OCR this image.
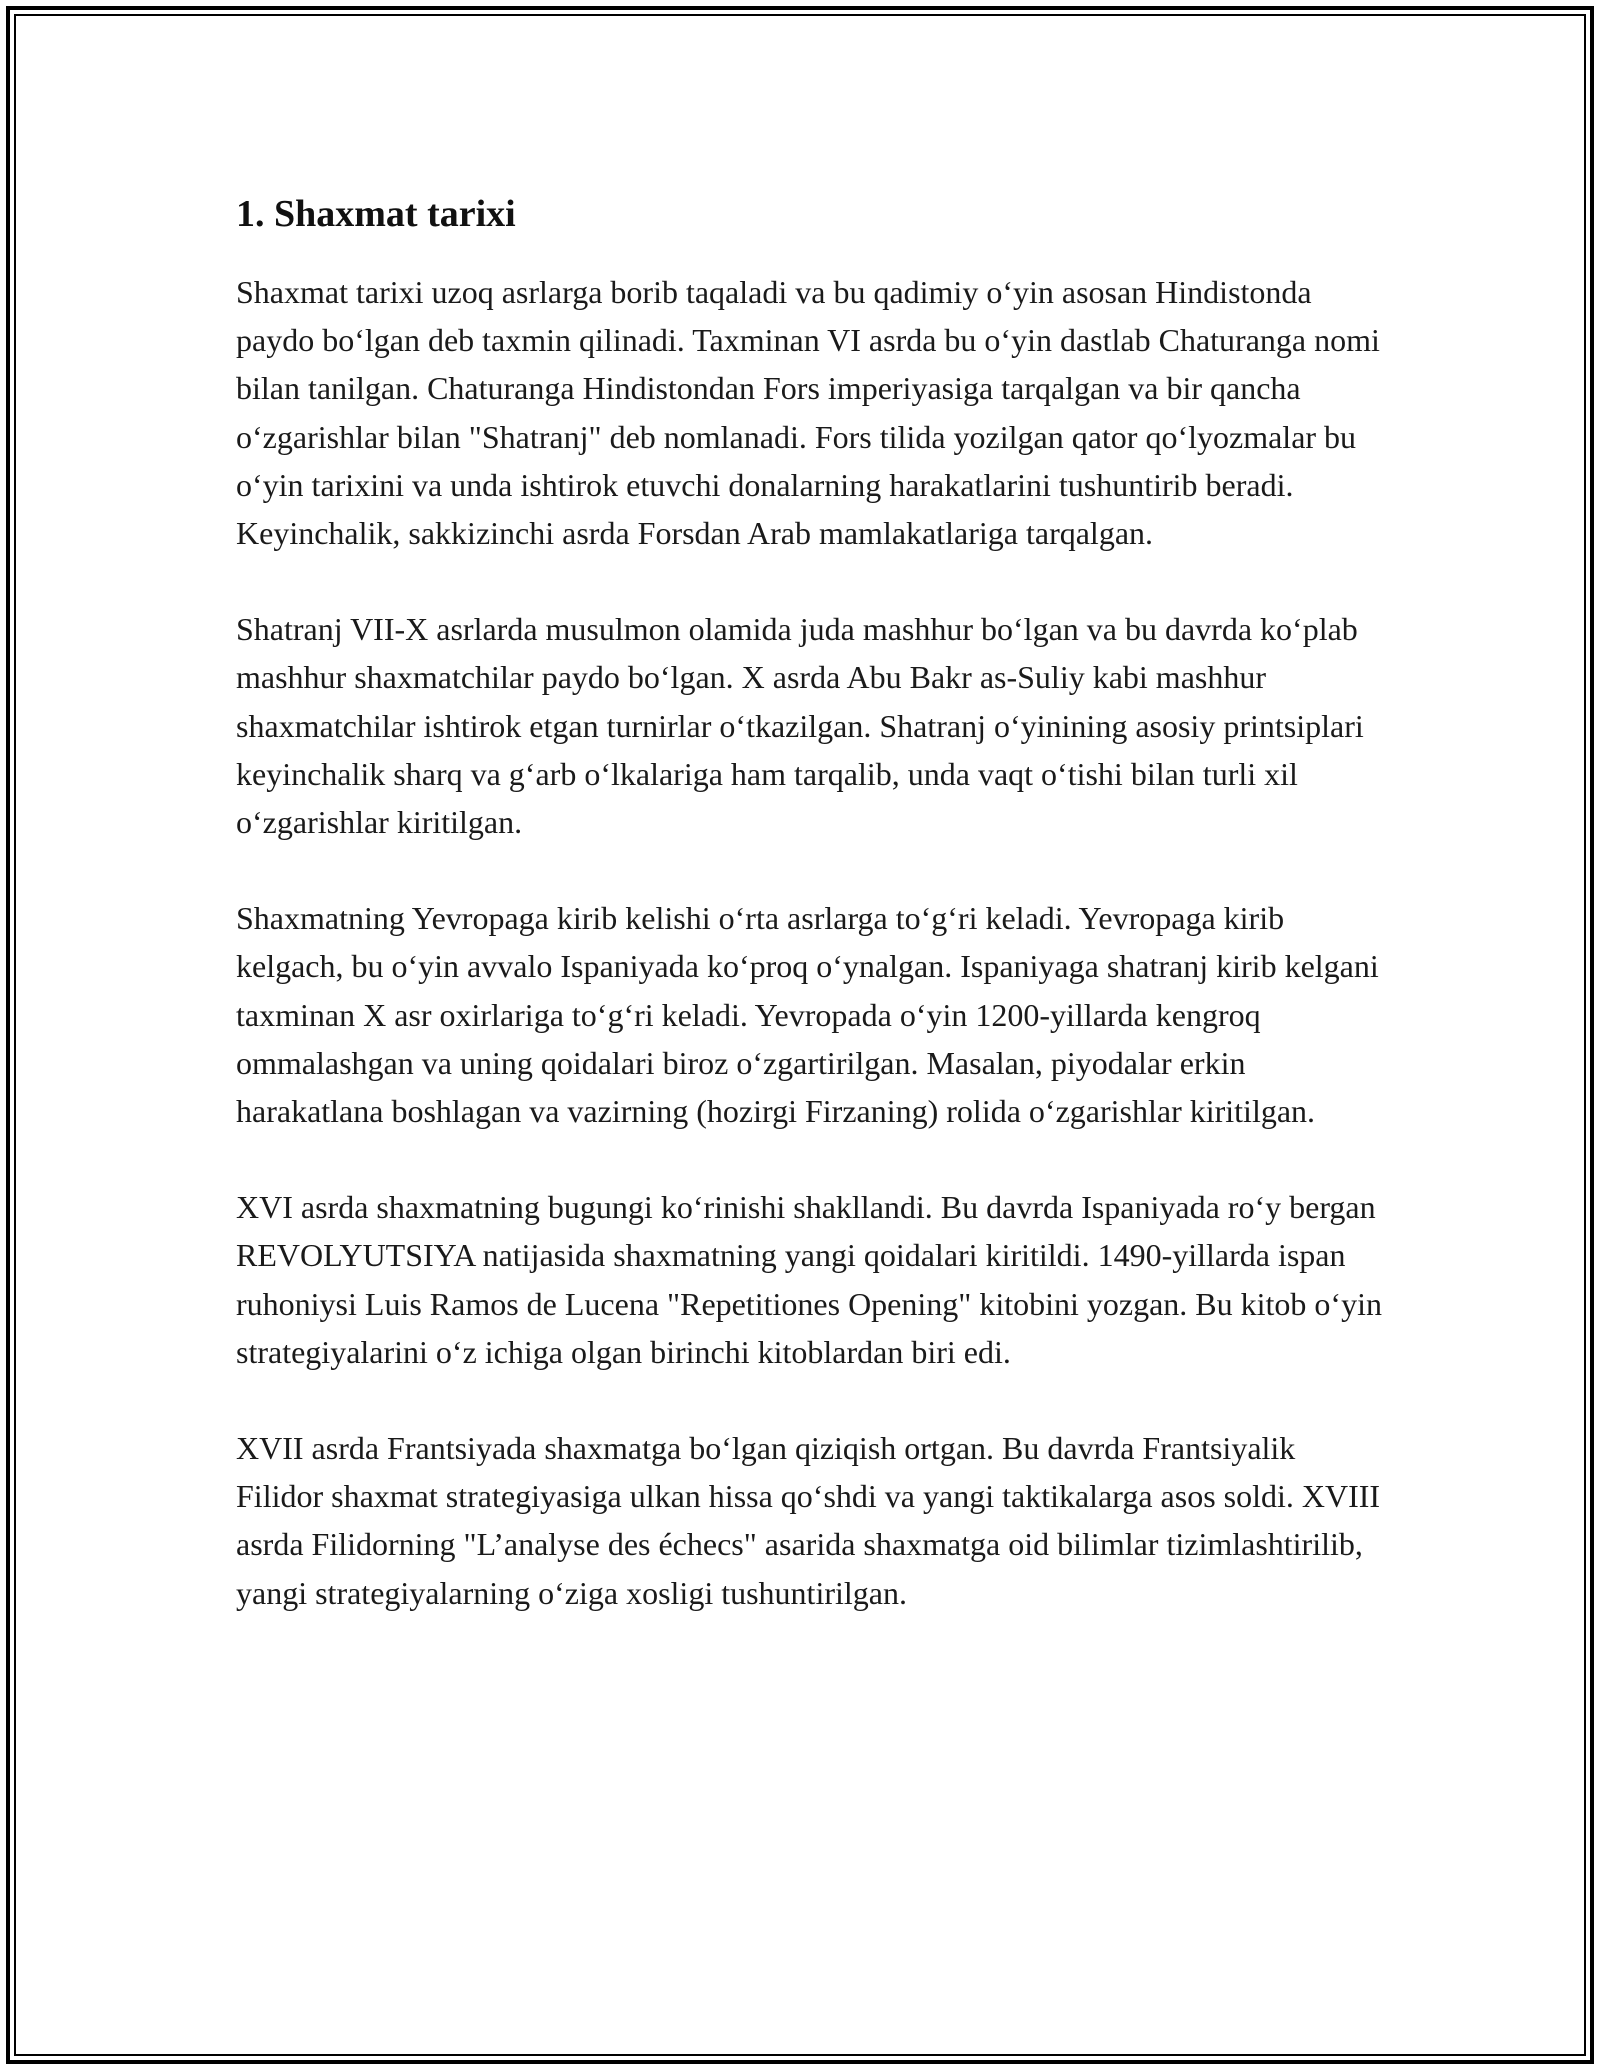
1. Shaxmat tarixi

Shaxmat tarixi uzoq asrlarga borib taqaladi va bu qadimiy o‘yin asosan Hindistonda paydo bo‘lgan deb taxmin qilinadi. Taxminan VI asrda bu o‘yin dastlab Chaturanga nomi bilan tanilgan. Chaturanga Hindistondan Fors imperiyasiga tarqalgan va bir qancha o‘zgarishlar bilan "Shatranj" deb nomlanadi. Fors tilida yozilgan qator qo‘lyozmalar bu o‘yin tarixini va unda ishtirok etuvchi donalarning harakatlarini tushuntirib beradi. Keyinchalik, sakkizinchi asrda Forsdan Arab mamlakatlariga tarqalgan.

Shatranj VII-X asrlarda musulmon olamida juda mashhur bo‘lgan va bu davrda ko‘plab mashhur shaxmatchilar paydo bo‘lgan. X asrda Abu Bakr as-Suliy kabi mashhur shaxmatchilar ishtirok etgan turnirlar o‘tkazilgan. Shatranj o‘yinining asosiy printsiplari keyinchalik sharq va g‘arb o‘lkalariga ham tarqalib, unda vaqt o‘tishi bilan turli xil o‘zgarishlar kiritilgan.

Shaxmatning Yevropaga kirib kelishi o‘rta asrlarga to‘g‘ri keladi. Yevropaga kirib kelgach, bu o‘yin avvalo Ispaniyada ko‘proq o‘ynalgan. Ispaniyaga shatranj kirib kelgani taxminan X asr oxirlariga to‘g‘ri keladi. Yevropada o‘yin 1200-yillarda kengroq ommalashgan va uning qoidalari biroz o‘zgartirilgan. Masalan, piyodalar erkin harakatlana boshlagan va vazirning (hozirgi Firzaning) rolida o‘zgarishlar kiritilgan.

XVI asrda shaxmatning bugungi ko‘rinishi shakllandi. Bu davrda Ispaniyada ro‘y bergan REVOLYUTSIYA natijasida shaxmatning yangi qoidalari kiritildi. 1490-yillarda ispan ruhoniysi Luis Ramos de Lucena "Repetitiones Opening" kitobini yozgan. Bu kitob o‘yin strategiyalarini o‘z ichiga olgan birinchi kitoblardan biri edi.

XVII asrda Frantsiyada shaxmatga bo‘lgan qiziqish ortgan. Bu davrda Frantsiyalik Filidor shaxmat strategiyasiga ulkan hissa qo‘shdi va yangi taktikalarga asos soldi. XVIII asrda Filidorning "L’analyse des échecs" asarida shaxmatga oid bilimlar tizimlashtirilib, yangi strategiyalarning o‘ziga xosligi tushuntirilgan.
